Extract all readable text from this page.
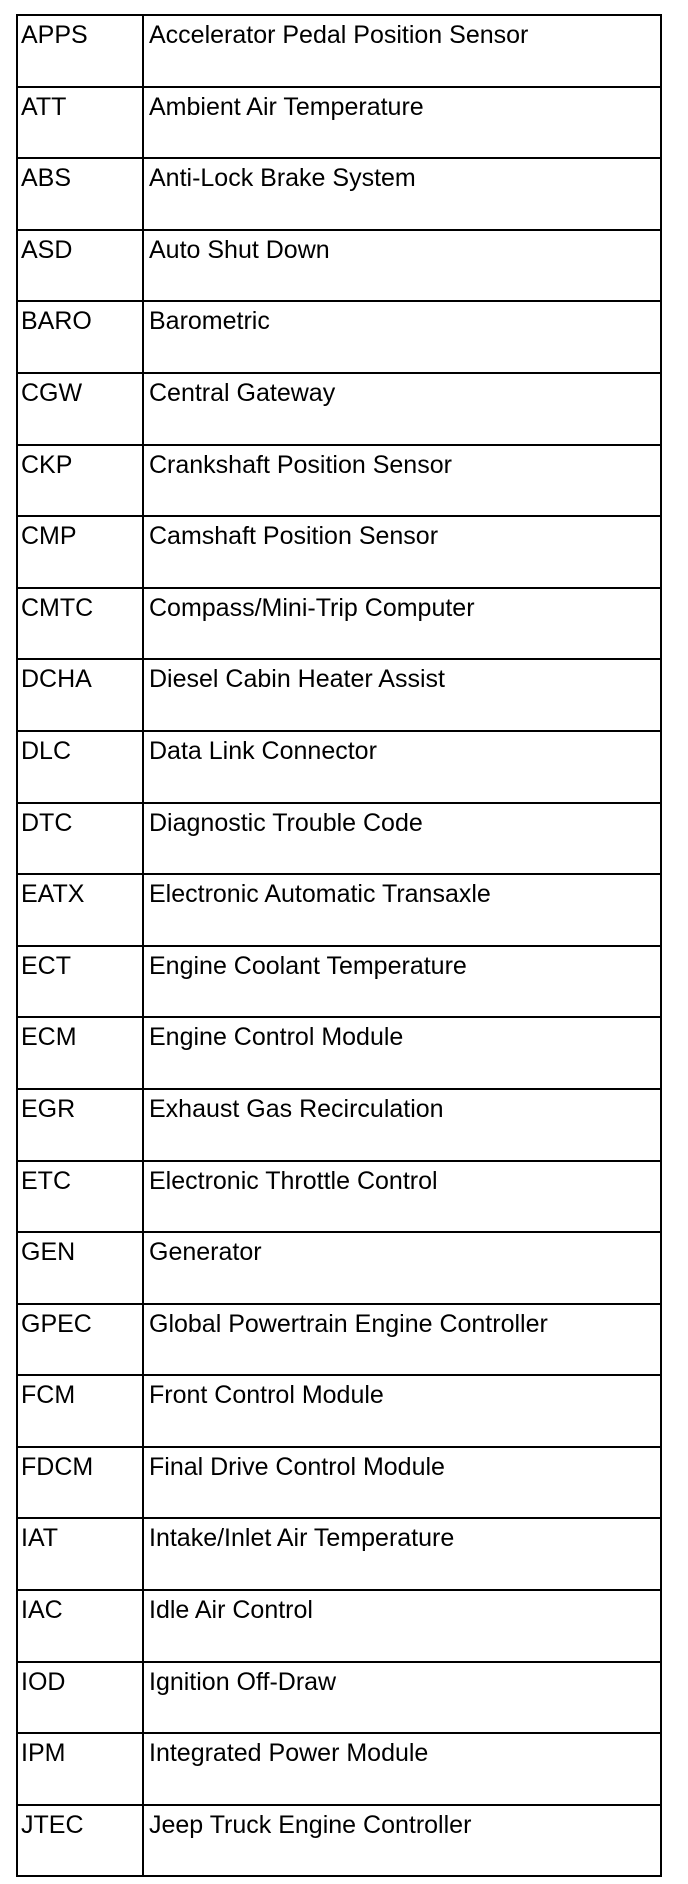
APPS	Accelerator Pedal Position Sensor
ATT	Ambient Air Temperature
ABS	Anti-Lock Brake System
ASD	Auto Shut Down
BARO	Barometric
CGW	Central Gateway
CKP	Crankshaft Position Sensor
CMP	Camshaft Position Sensor
CMTC	Compass/Mini-Trip Computer
DCHA	Diesel Cabin Heater Assist
DLC	Data Link Connector
DTC	Diagnostic Trouble Code
EATX	Electronic Automatic Transaxle
ECT	Engine Coolant Temperature
ECM	Engine Control Module
EGR	Exhaust Gas Recirculation
ETC	Electronic Throttle Control
GEN	Generator
GPEC	Global Powertrain Engine Controller
FCM	Front Control Module
FDCM	Final Drive Control Module
IAT	Intake/Inlet Air Temperature
IAC	Idle Air Control
IOD	Ignition Off-Draw
IPM	Integrated Power Module
JTEC	Jeep Truck Engine Controller
